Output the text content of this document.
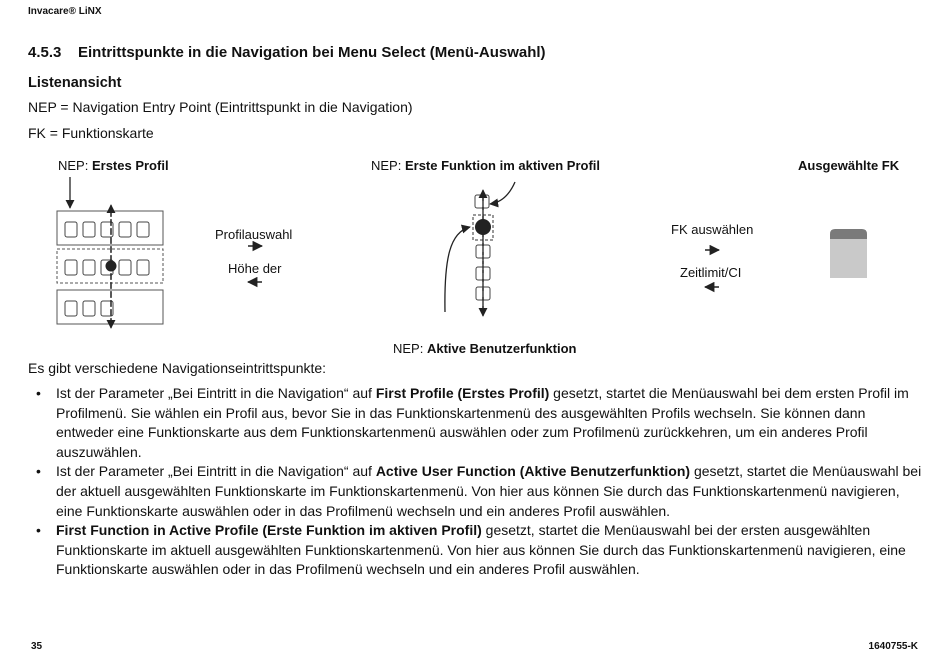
Invacare® LiNX
4.5.3 Eintrittspunkte in die Navigation bei Menu Select (Menü-Auswahl)
Listenansicht
NEP = Navigation Entry Point (Eintrittspunkt in die Navigation)
FK = Funktionskarte
NEP: Erstes Profil	NEP: Erste Funktion im aktiven Profil	Ausgewählte FK
NEP: Aktive Benutzerfunktion
Profilauswahl
Höhe der
FK auswählen
Zeitlimit/CI
Es gibt verschiedene Navigationseintrittspunkte:
• Ist der Parameter „Bei Eintritt in die Navigation“ auf First Profile (Erstes Profil) gesetzt, startet die Menüauswahl bei dem ersten Profil im Profilmenü. Sie wählen ein Profil aus, bevor Sie in das Funktionskartenmenü des ausgewählten Profils wechseln. Sie können dann entweder eine Funktionskarte aus dem Funktionskartenmenü auswählen oder zum Profilmenü zurückkehren, um ein anderes Profil auszuwählen.
• Ist der Parameter „Bei Eintritt in die Navigation“ auf Active User Function (Aktive Benutzerfunktion) gesetzt, startet die Menüauswahl bei der aktuell ausgewählten Funktionskarte im Funktionskartenmenü. Von hier aus können Sie durch das Funktionskartenmenü navigieren, eine Funktionskarte auswählen oder in das Profilmenü wechseln und ein anderes Profil auswählen.
• First Function in Active Profile (Erste Funktion im aktiven Profil) gesetzt, startet die Menüauswahl bei der ersten ausgewählten Funktionskarte im aktuell ausgewählten Funktionskartenmenü. Von hier aus können Sie durch das Funktionskartenmenü navigieren, eine Funktionskarte auswählen oder in das Profilmenü wechseln und ein anderes Profil auswählen.
35	1640755-K
